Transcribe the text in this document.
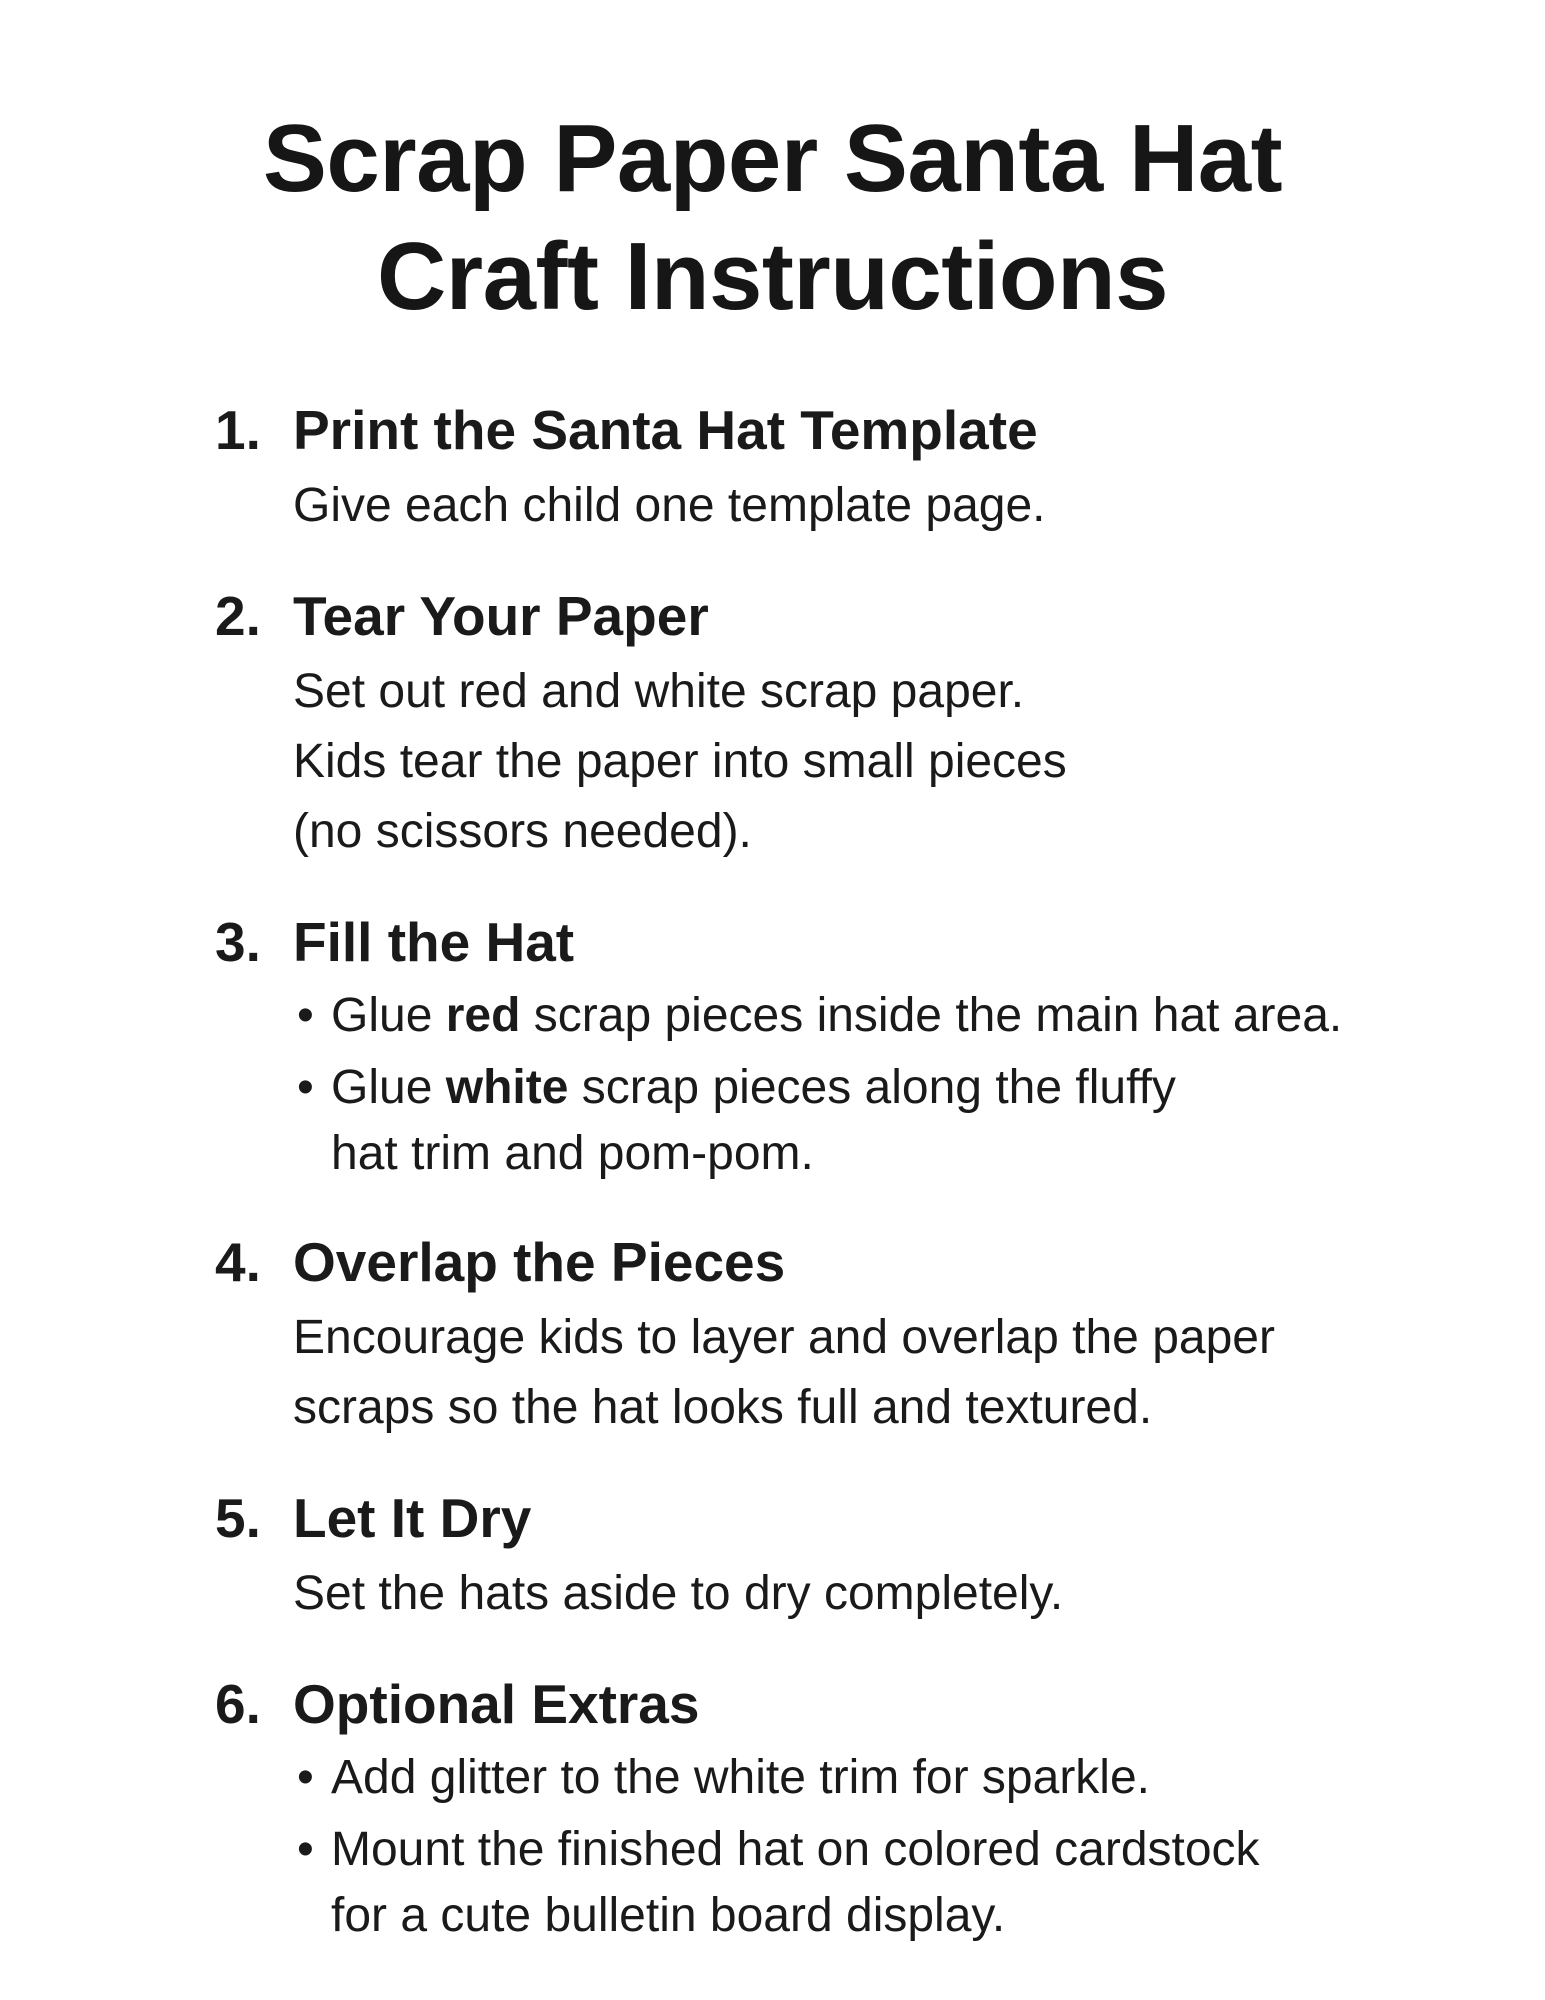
Scrap Paper Santa Hat
Craft Instructions
1. Print the Santa Hat Template
Give each child one template page.
2. Tear Your Paper
Set out red and white scrap paper.
Kids tear the paper into small pieces
(no scissors needed).
3. Fill the Hat
• Glue red scrap pieces inside the main hat area.
• Glue white scrap pieces along the fluffy
hat trim and pom-pom.
4. Overlap the Pieces
Encourage kids to layer and overlap the paper
scraps so the hat looks full and textured.
5. Let It Dry
Set the hats aside to dry completely.
6. Optional Extras
• Add glitter to the white trim for sparkle.
• Mount the finished hat on colored cardstock
for a cute bulletin board display.
